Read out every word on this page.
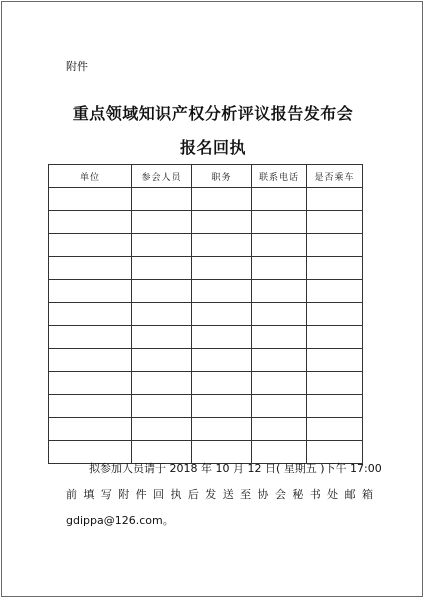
附件
重点领域知识产权分析评议报告发布会
报名回执
单位	参会人员	职务	联系电话	是否乘车

拟参加人员请于 2018 年 10 月 12 日( 星期五 )下午 17:00
前填写附件回执后发送至协会秘书处邮箱
gdippa@126.com。
